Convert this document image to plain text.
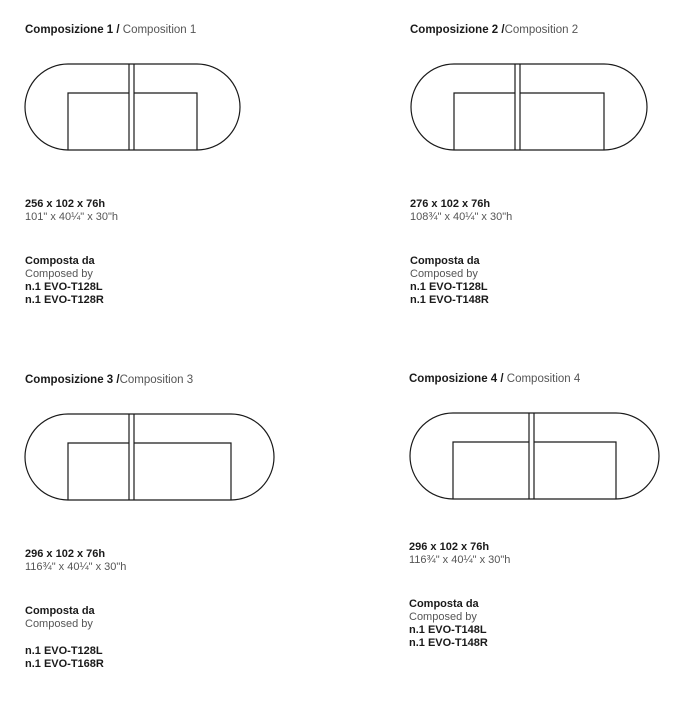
Composizione 1 / Composition 1
256 x 102 x 76h
101" x 40¼" x 30"h
Composta da
Composed by
n.1 EVO-T128L
n.1 EVO-T128R
Composizione 2 /Composition 2
276 x 102 x 76h
108¾" x 40¼" x 30"h
Composta da
Composed by
n.1 EVO-T128L
n.1 EVO-T148R
Composizione 3 /Composition 3
296 x 102 x 76h
116¾" x 40¼" x 30"h
Composta da
Composed by
n.1 EVO-T128L
n.1 EVO-T168R
Composizione 4 / Composition 4
296 x 102 x 76h
116¾" x 40¼" x 30"h
Composta da
Composed by
n.1 EVO-T148L
n.1 EVO-T148R
